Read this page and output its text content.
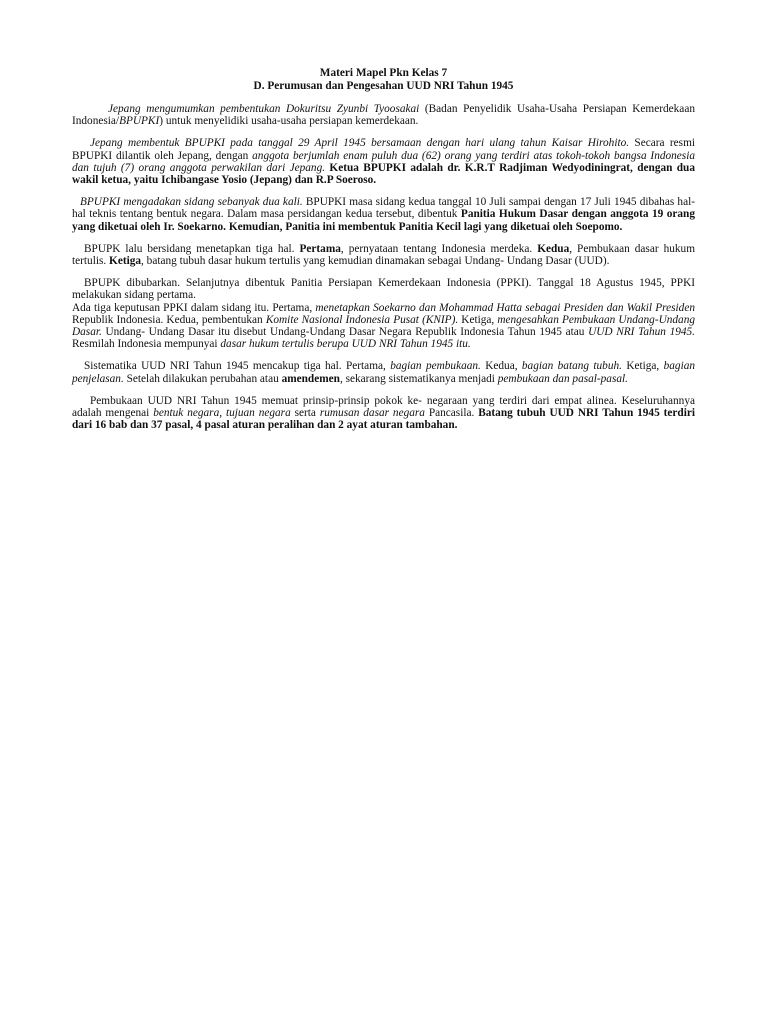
Materi Mapel Pkn Kelas 7

D. Perumusan dan Pengesahan UUD NRI Tahun 1945

Jepang mengumumkan pembentukan Dokuritsu Zyunbi Tyoosakai (Badan Penyelidik Usaha-Usaha Persiapan Kemerdekaan Indonesia/BPUPKI) untuk menyelidiki usaha-usaha persiapan kemerdekaan.

Jepang membentuk BPUPKI pada tanggal 29 April 1945 bersamaan dengan hari ulang tahun Kaisar Hirohito. Secara resmi BPUPKI dilantik oleh Jepang, dengan anggota berjumlah enam puluh dua (62) orang yang terdiri atas tokoh-tokoh bangsa Indonesia dan tujuh (7) orang anggota perwakilan dari Jepang. Ketua BPUPKI adalah dr. K.R.T Radjiman Wedyodiningrat, dengan dua wakil ketua, yaitu Ichibangase Yosio (Jepang) dan R.P Soeroso.

BPUPKI mengadakan sidang sebanyak dua kali. BPUPKI masa sidang kedua tanggal 10 Juli sampai dengan 17 Juli 1945 dibahas hal-hal teknis tentang bentuk negara. Dalam masa persidangan kedua tersebut, dibentuk Panitia Hukum Dasar dengan anggota 19 orang yang diketuai oleh Ir. Soekarno. Kemudian, Panitia ini membentuk Panitia Kecil lagi yang diketuai oleh Soepomo.

BPUPK lalu bersidang menetapkan tiga hal. Pertama, pernyataan tentang Indonesia merdeka. Kedua, Pembukaan dasar hukum tertulis. Ketiga, batang tubuh dasar hukum tertulis yang kemudian dinamakan sebagai Undang- Undang Dasar (UUD).

BPUPK dibubarkan. Selanjutnya dibentuk Panitia Persiapan Kemerdekaan Indonesia (PPKI). Tanggal 18 Agustus 1945, PPKI melakukan sidang pertama.

Ada tiga keputusan PPKI dalam sidang itu. Pertama, menetapkan Soekarno dan Mohammad Hatta sebagai Presiden dan Wakil Presiden Republik Indonesia. Kedua, pembentukan Komite Nasional Indonesia Pusat (KNIP). Ketiga, mengesahkan Pembukaan Undang-Undang Dasar. Undang- Undang Dasar itu disebut Undang-Undang Dasar Negara Republik Indonesia Tahun 1945 atau UUD NRI Tahun 1945. Resmilah Indonesia mempunyai dasar hukum tertulis berupa UUD NRI Tahun 1945 itu.

Sistematika UUD NRI Tahun 1945 mencakup tiga hal. Pertama, bagian pembukaan. Kedua, bagian batang tubuh. Ketiga, bagian penjelasan. Setelah dilakukan perubahan atau amendemen, sekarang sistematikanya menjadi pembukaan dan pasal-pasal.

Pembukaan UUD NRI Tahun 1945 memuat prinsip-prinsip pokok ke- negaraan yang terdiri dari empat alinea. Keseluruhannya adalah mengenai bentuk negara, tujuan negara serta rumusan dasar negara Pancasila. Batang tubuh UUD NRI Tahun 1945 terdiri dari 16 bab dan 37 pasal, 4 pasal aturan peralihan dan 2 ayat aturan tambahan.
